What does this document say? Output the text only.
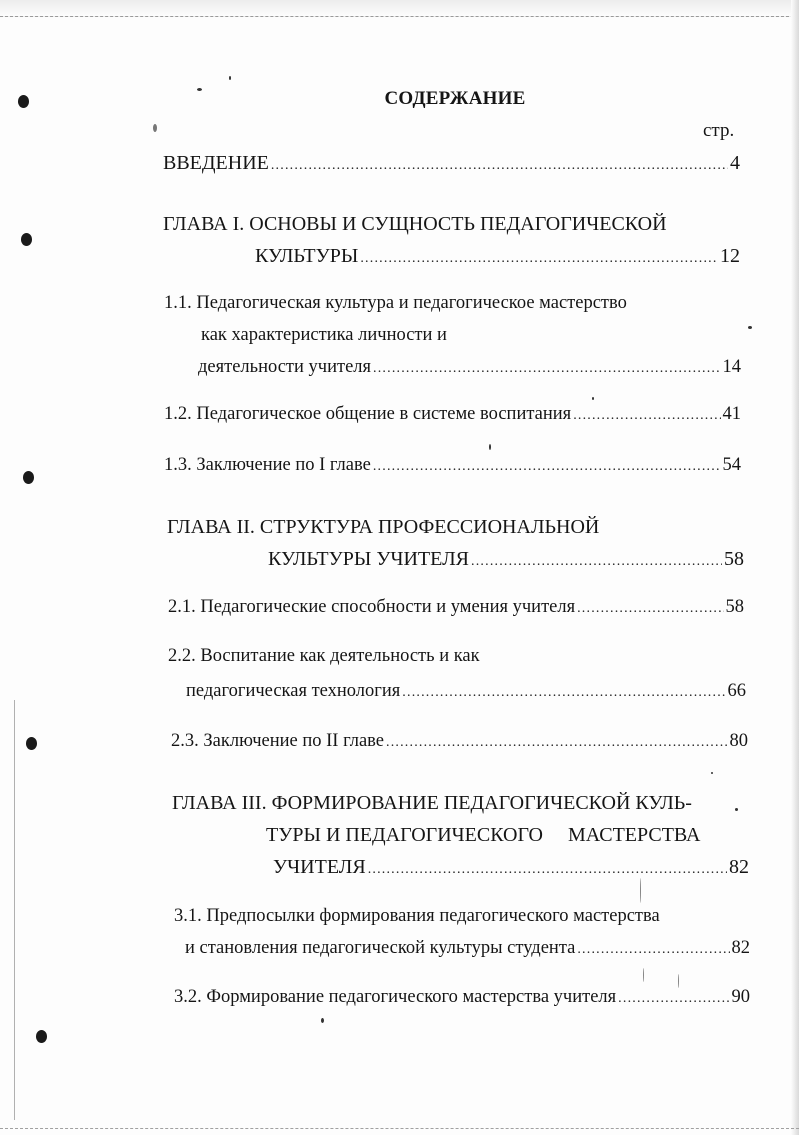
СОДЕРЖАНИЕ
стр.
ВВЕДЕНИЕ .....	4
ГЛАВА I. ОСНОВЫ И СУЩНОСТЬ ПЕДАГОГИЧЕСКОЙ
КУЛЬТУРЫ .....	12
1.1. Педагогическая культура и педагогическое мастерство
как характеристика личности и
деятельности учителя .....	14
1.2. Педагогическое общение в системе воспитания .....	41
1.3. Заключение по I главе .....	54
ГЛАВА II. СТРУКТУРА ПРОФЕССИОНАЛЬНОЙ
КУЛЬТУРЫ УЧИТЕЛЯ .....	58
2.1. Педагогические способности и умения учителя .....	58
2.2. Воспитание как деятельность и как
педагогическая технология .....	66
2.3. Заключение по II главе .....	80
ГЛАВА III. ФОРМИРОВАНИЕ ПЕДАГОГИЧЕСКОЙ КУЛЬ-
ТУРЫ И ПЕДАГОГИЧЕСКОГО     МАСТЕРСТВА
УЧИТЕЛЯ .....	82
3.1. Предпосылки формирования педагогического мастерства
и становления педагогической культуры студента .....	82
3.2. Формирование педагогического мастерства учителя .....	90
